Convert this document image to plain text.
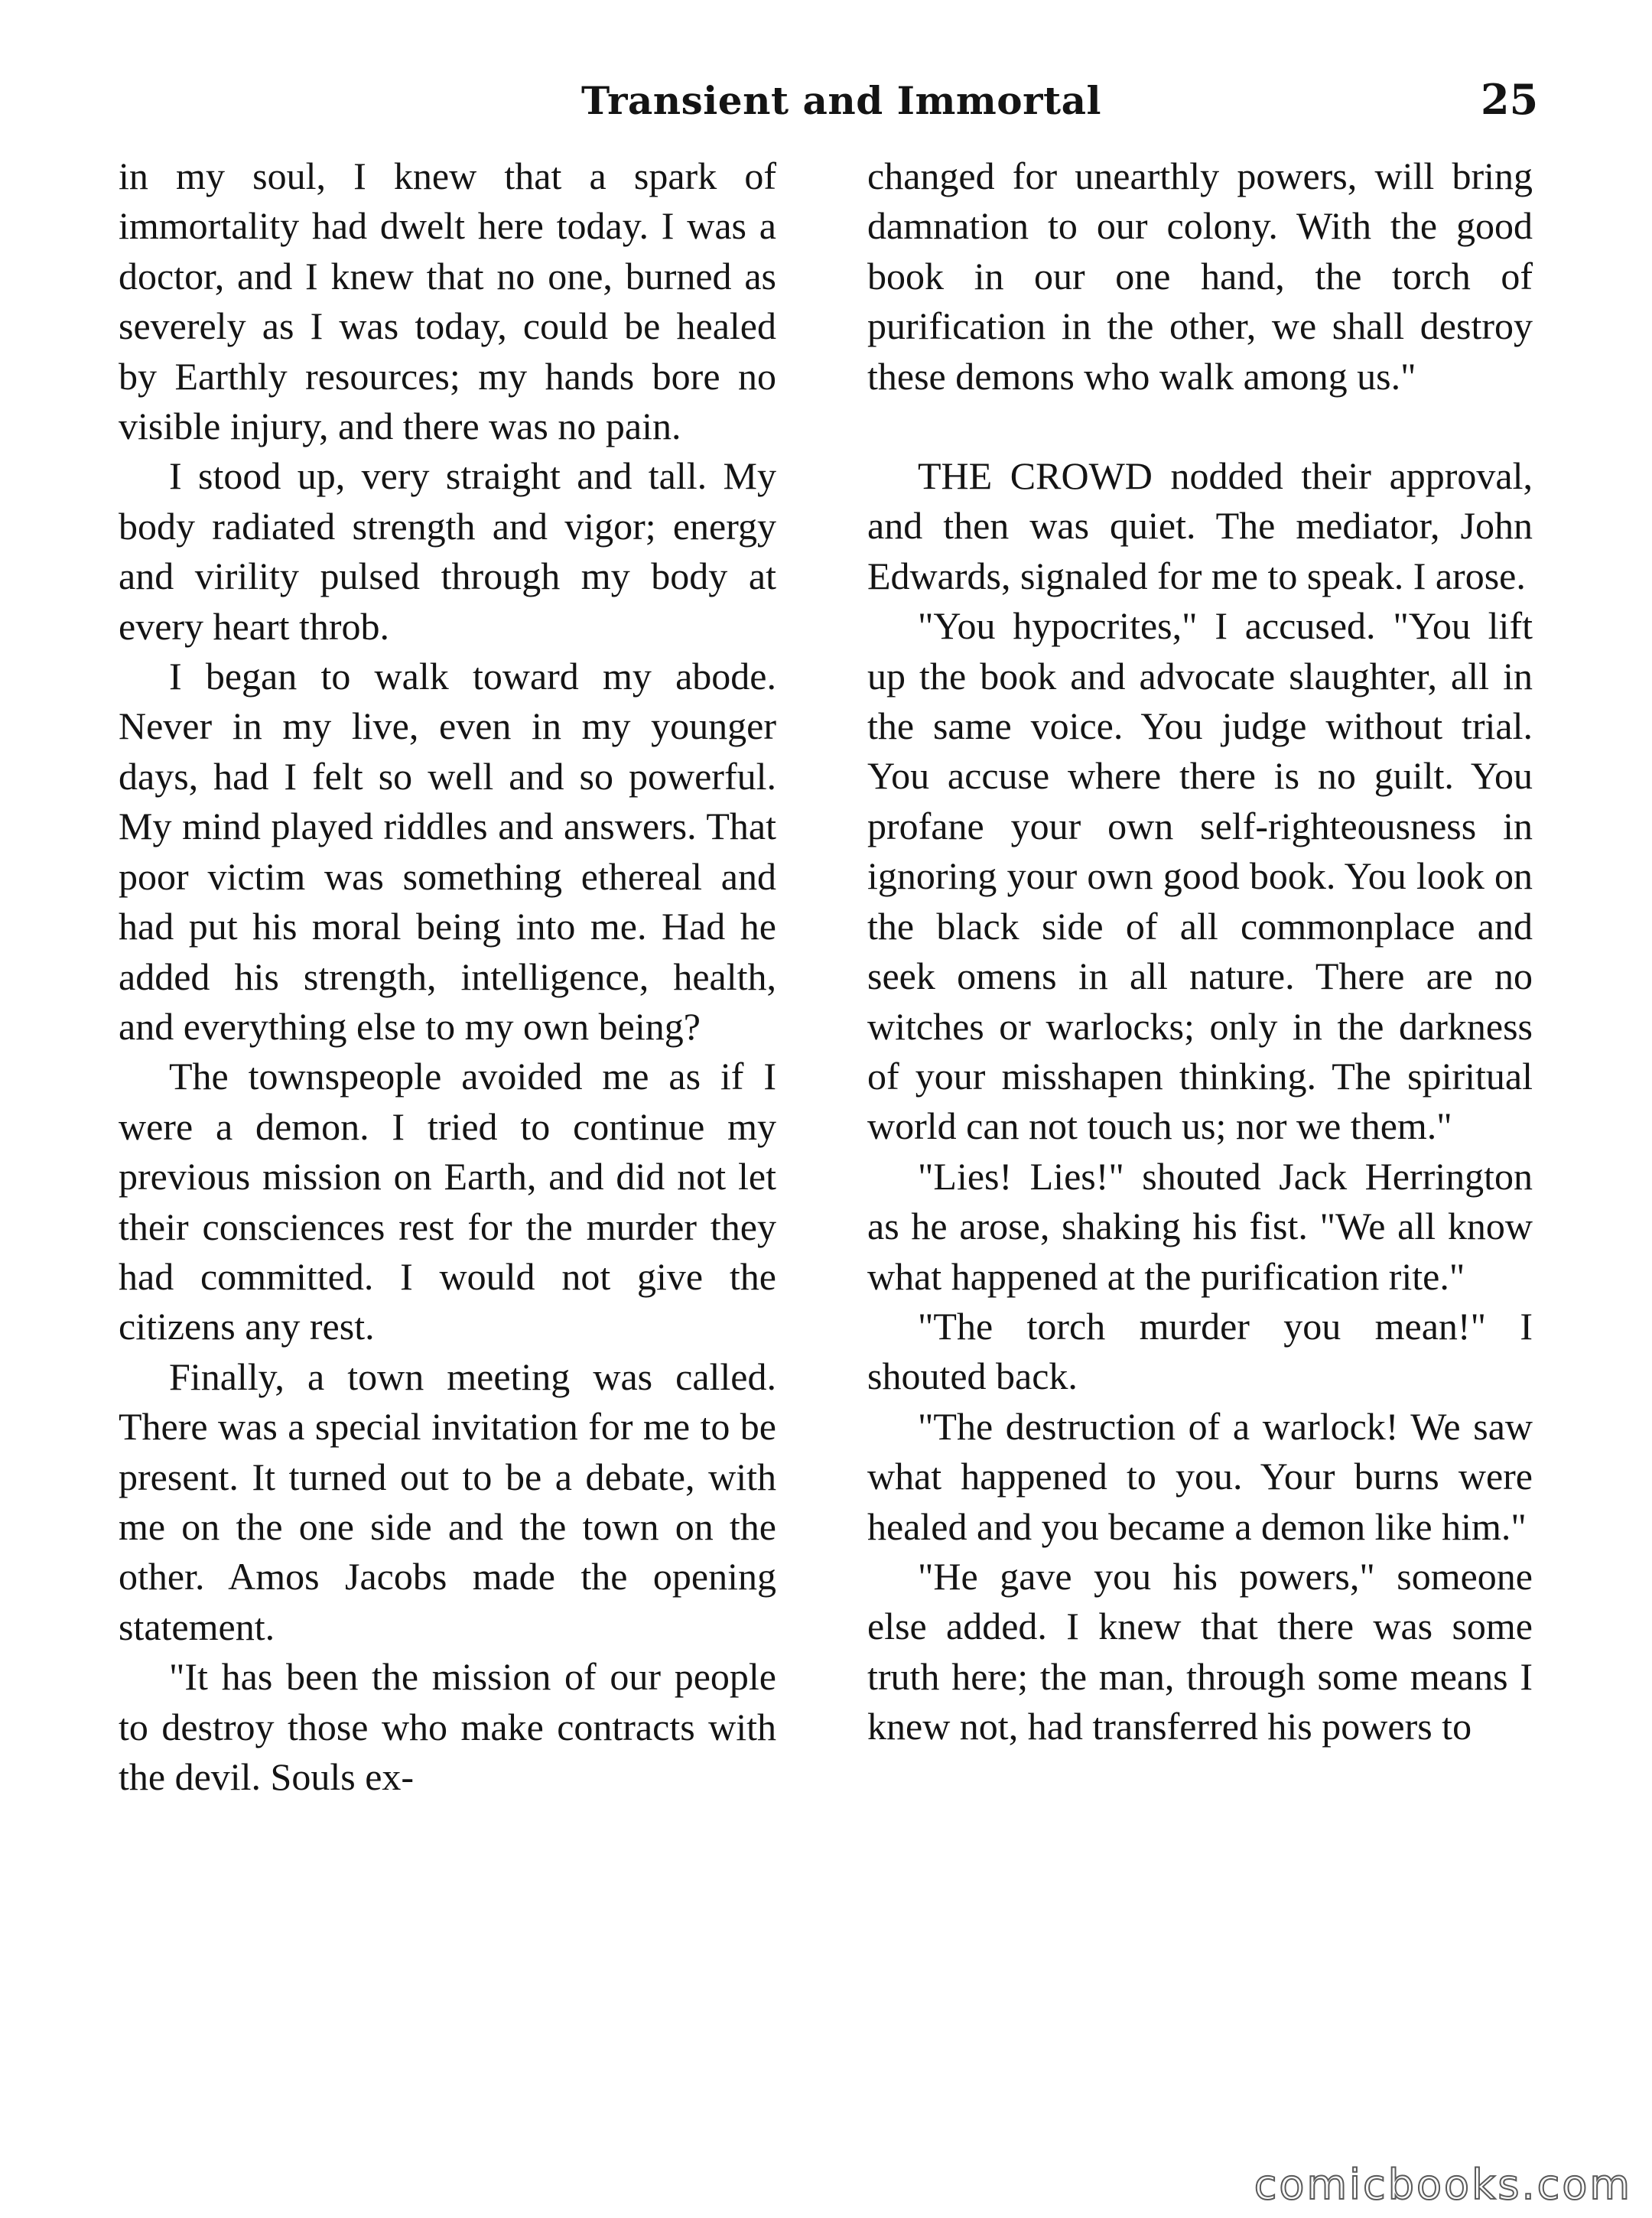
Transient and Immortal	25

in my soul, I knew that a spark of immortality had dwelt here today. I was a doctor, and I knew that no one, burned as severely as I was today, could be healed by Earthly resources; my hands bore no visible injury, and there was no pain.

I stood up, very straight and tall. My body radiated strength and vigor; energy and virility pulsed through my body at every heart throb.

I began to walk toward my abode. Never in my live, even in my younger days, had I felt so well and so powerful. My mind played riddles and answers. That poor victim was something ethereal and had put his moral being into me. Had he added his strength, intelligence, health, and everything else to my own being?

The townspeople avoided me as if I were a demon. I tried to continue my previous mission on Earth, and did not let their consciences rest for the murder they had committed. I would not give the citizens any rest.

Finally, a town meeting was called. There was a special invitation for me to be present. It turned out to be a debate, with me on the one side and the town on the other. Amos Jacobs made the opening statement.

"It has been the mission of our people to destroy those who make contracts with the devil. Souls ex-

changed for unearthly powers, will bring damnation to our colony. With the good book in our one hand, the torch of purification in the other, we shall destroy these demons who walk among us."

THE CROWD nodded their approval, and then was quiet. The mediator, John Edwards, signaled for me to speak. I arose.

"You hypocrites," I accused. "You lift up the book and advocate slaughter, all in the same voice. You judge without trial. You accuse where there is no guilt. You profane your own self-righteousness in ignoring your own good book. You look on the black side of all commonplace and seek omens in all nature. There are no witches or warlocks; only in the darkness of your misshapen thinking. The spiritual world can not touch us; nor we them."

"Lies! Lies!" shouted Jack Herrington as he arose, shaking his fist. "We all know what happened at the purification rite."

"The torch murder you mean!" I shouted back.

"The destruction of a warlock! We saw what happened to you. Your burns were healed and you became a demon like him."

"He gave you his powers," someone else added. I knew that there was some truth here; the man, through some means I knew not, had transferred his powers to

comicbooks.com
